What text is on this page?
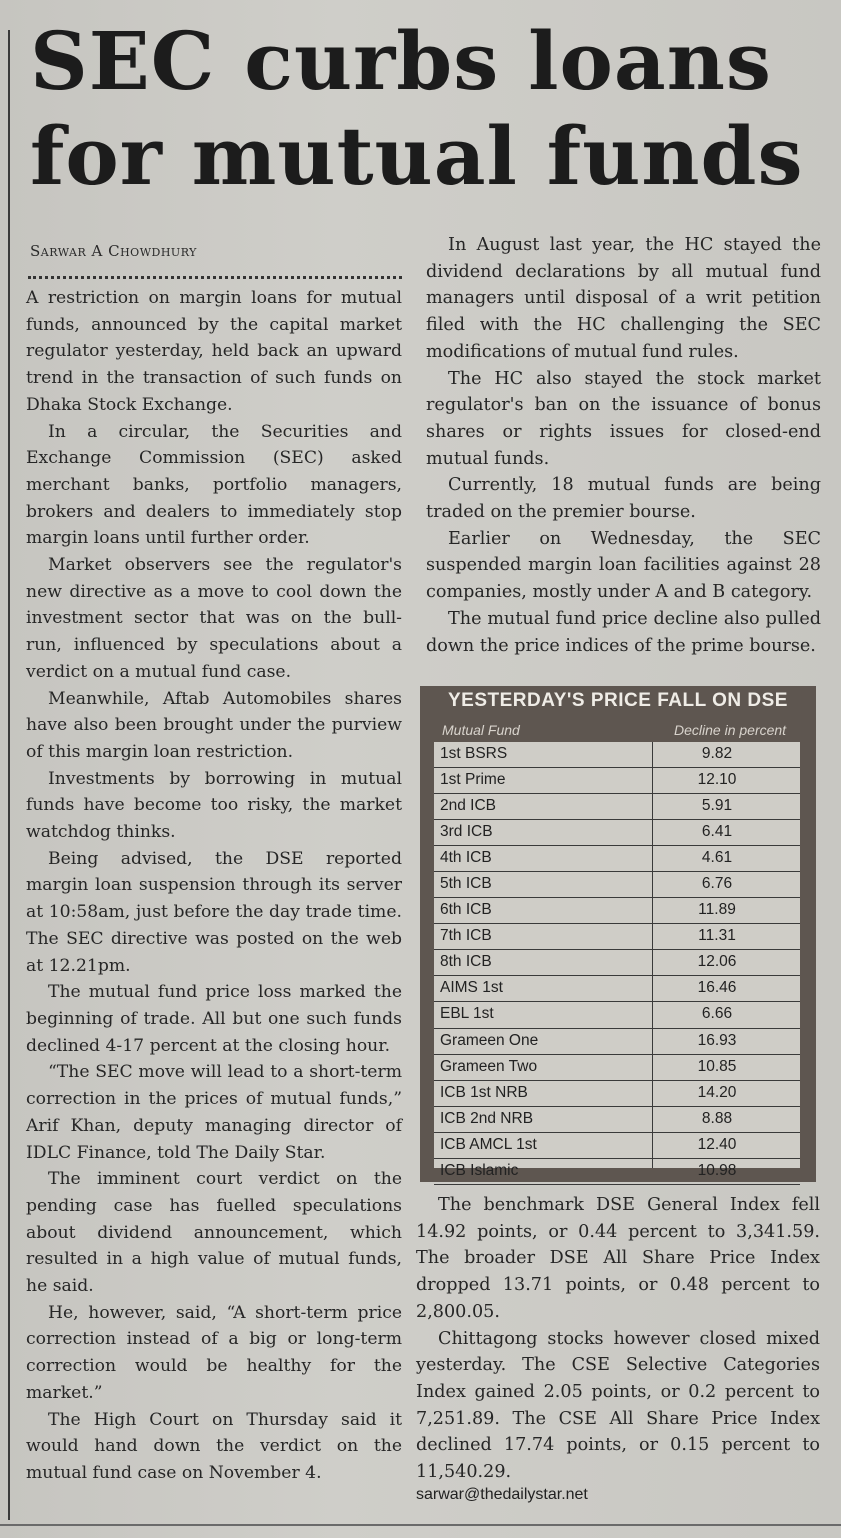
SEC curbs loans
for mutual funds
Sarwar A Chowdhury

A restriction on margin loans for mutual funds, announced by the capital market regulator yesterday, held back an upward trend in the transaction of such funds on Dhaka Stock Exchange.

In a circular, the Securities and Exchange Commission (SEC) asked merchant banks, portfolio managers, brokers and dealers to immediately stop margin loans until further order.

Market observers see the regulator's new directive as a move to cool down the investment sector that was on the bull-run, influenced by speculations about a verdict on a mutual fund case.

Meanwhile, Aftab Automobiles shares have also been brought under the purview of this margin loan restriction.

Investments by borrowing in mutual funds have become too risky, the market watchdog thinks.

Being advised, the DSE reported margin loan suspension through its server at 10:58am, just before the day trade time. The SEC directive was posted on the web at 12.21pm.

The mutual fund price loss marked the beginning of trade. All but one such funds declined 4-17 percent at the closing hour.

“The SEC move will lead to a short-term correction in the prices of mutual funds,” Arif Khan, deputy managing director of IDLC Finance, told The Daily Star.

The imminent court verdict on the pending case has fuelled speculations about dividend announcement, which resulted in a high value of mutual funds, he said.

He, however, said, “A short-term price correction instead of a big or long-term correction would be healthy for the market.”

The High Court on Thursday said it would hand down the verdict on the mutual fund case on November 4.

In August last year, the HC stayed the dividend declarations by all mutual fund managers until disposal of a writ petition filed with the HC challenging the SEC modifications of mutual fund rules.

The HC also stayed the stock market regulator's ban on the issuance of bonus shares or rights issues for closed-end mutual funds.

Currently, 18 mutual funds are being traded on the premier bourse.

Earlier on Wednesday, the SEC suspended margin loan facilities against 28 companies, mostly under A and B category.

The mutual fund price decline also pulled down the price indices of the prime bourse.

YESTERDAY'S PRICE FALL ON DSE
Mutual Fund	Decline in percent
1st BSRS	9.82
1st Prime	12.10
2nd ICB	5.91
3rd ICB	6.41
4th ICB	4.61
5th ICB	6.76
6th ICB	11.89
7th ICB	11.31
8th ICB	12.06
AIMS 1st	16.46
EBL 1st	6.66
Grameen One	16.93
Grameen Two	10.85
ICB 1st NRB	14.20
ICB 2nd NRB	8.88
ICB AMCL 1st	12.40
ICB Islamic	10.98

The benchmark DSE General Index fell 14.92 points, or 0.44 percent to 3,341.59. The broader DSE All Share Price Index dropped 13.71 points, or 0.48 percent to 2,800.05.

Chittagong stocks however closed mixed yesterday. The CSE Selective Categories Index gained 2.05 points, or 0.2 percent to 7,251.89. The CSE All Share Price Index declined 17.74 points, or 0.15 percent to 11,540.29.

sarwar@thedailystar.net
